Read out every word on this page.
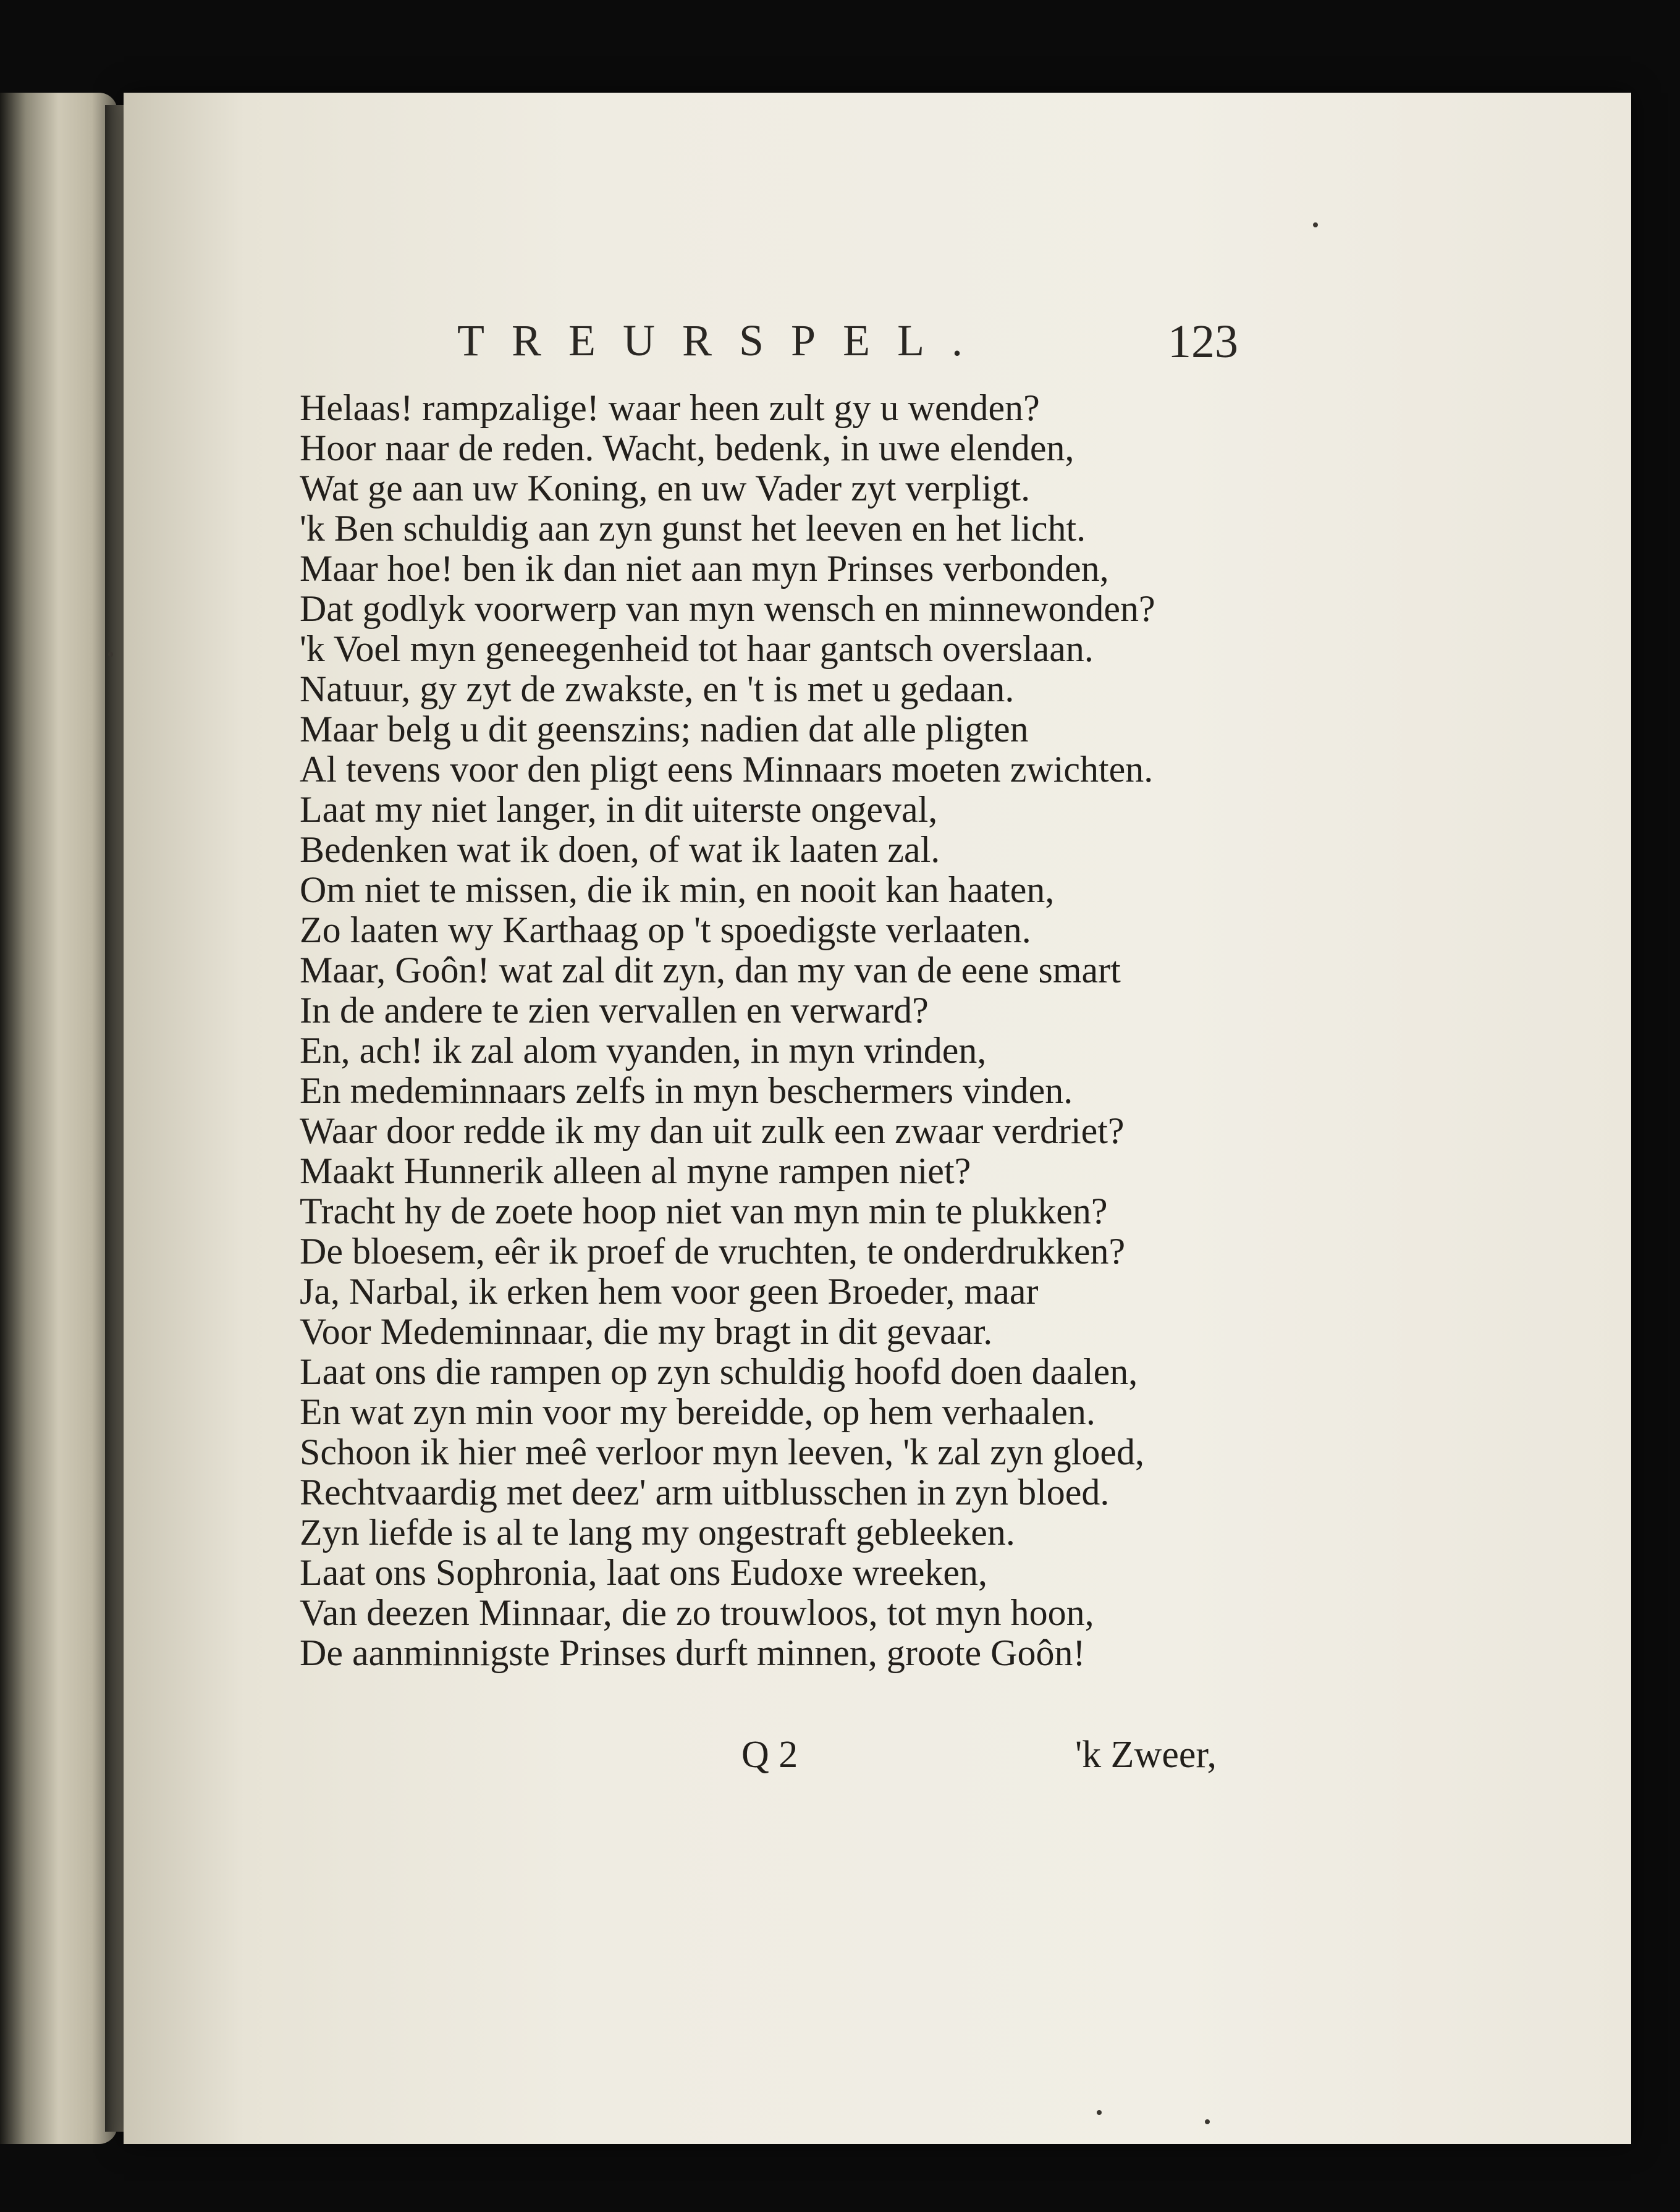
TREURSPEL.	123
Helaas! rampzalige! waar heen zult gy u wenden?
Hoor naar de reden. Wacht, bedenk, in uwe elenden,
Wat ge aan uw Koning, en uw Vader zyt verpligt.
'k Ben schuldig aan zyn gunst het leeven en het licht.
Maar hoe! ben ik dan niet aan myn Prinses verbonden,
Dat godlyk voorwerp van myn wensch en minnewonden?
'k Voel myn geneegenheid tot haar gantsch overslaan.
Natuur, gy zyt de zwakste, en 't is met u gedaan.
Maar belg u dit geenszins; nadien dat alle pligten
Al tevens voor den pligt eens Minnaars moeten zwichten.
Laat my niet langer, in dit uiterste ongeval,
Bedenken wat ik doen, of wat ik laaten zal.
Om niet te missen, die ik min, en nooit kan haaten,
Zo laaten wy Karthaag op 't spoedigste verlaaten.
Maar, Goôn! wat zal dit zyn, dan my van de eene smart
In de andere te zien vervallen en verward?
En, ach! ik zal alom vyanden, in myn vrinden,
En medeminnaars zelfs in myn beschermers vinden.
Waar door redde ik my dan uit zulk een zwaar verdriet?
Maakt Hunnerik alleen al myne rampen niet?
Tracht hy de zoete hoop niet van myn min te plukken?
De bloesem, eêr ik proef de vruchten, te onderdrukken?
Ja, Narbal, ik erken hem voor geen Broeder, maar
Voor Medeminnaar, die my bragt in dit gevaar.
Laat ons die rampen op zyn schuldig hoofd doen daalen,
En wat zyn min voor my bereidde, op hem verhaalen.
Schoon ik hier meê verloor myn leeven, 'k zal zyn gloed,
Rechtvaardig met deez' arm uitblusschen in zyn bloed.
Zyn liefde is al te lang my ongestraft gebleeken.
Laat ons Sophronia, laat ons Eudoxe wreeken,
Van deezen Minnaar, die zo trouwloos, tot myn hoon,
De aanminnigste Prinses durft minnen, groote Goôn!
Q 2	'k Zweer,
